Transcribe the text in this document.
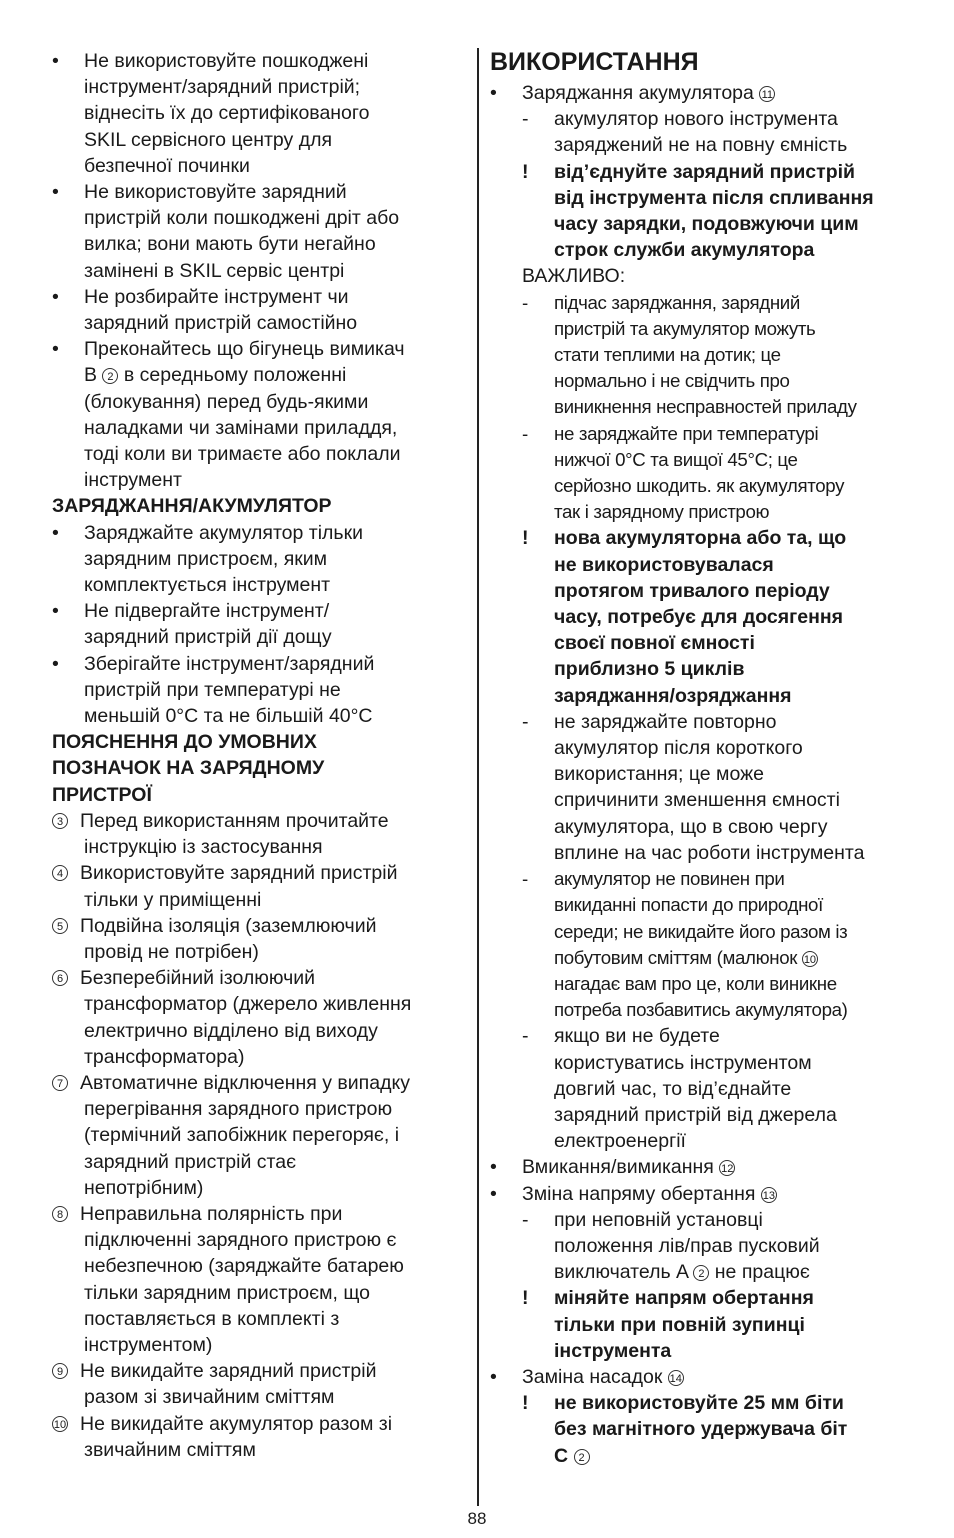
• Не використовуйте пошкоджені
інструмент/зарядний пристрій;
віднесіть їх до сертифікованого
SKIL сервісного центру для
безпечної починки
• Не використовуйте зарядний
пристрій коли пошкоджені дріт або
вилка; вони мають бути негайно
замінені в SKIL сервіс центрі
• Не розбирайте інструмент чи
зарядний пристрій самостійно
• Преконайтесь що бігунець вимикач
B 2 в середньому положенні
(блокування) перед будь-якими
наладками чи замінами приладдя,
тоді коли ви тримаєте або поклали
інструмент
ЗАРЯДЖАННЯ/АКУМУЛЯТОР
• Заряджайте акумулятор тільки
зарядним пристроєм, яким
комплектується інструмент
• Не підвергайте інструмент/
зарядний пристрій дії дощу
• Зберігайте інструмент/зарядний
пристрій при температурі не
меньшій 0°C та не більшій 40°C
ПОЯСНЕННЯ ДО УМОВНИХ
ПОЗНАЧОК НА ЗАРЯДНОМУ
ПРИСТРОЇ
3 Перед використанням прочитайте
інструкцію із застосування
4 Використовуйте зарядний пристрій
тільки у приміщенні
5 Подвійна ізоляція (заземлюючий
провід не потрібен)
6 Безперебійний ізолюючий
трансформатор (джерело живлення
електрично відділено від виходу
трансформатора)
7 Автоматичне відключення у випадку
перегрівання зарядного пристрою
(термічний запобіжник перегоряє, і
зарядний пристрій стає
непотрібним)
8 Неправильна полярність при
підключенні зарядного пристрою є
небезпечною (заряджайте батарею
тільки зарядним пристроєм, що
поставляється в комплекті з
інструментом)
9 Не викидайте зарядний пристрій
разом зі звичайним сміттям
10 Не викидайте акумулятор разом зі
звичайним сміттям
ВИКОРИСТАННЯ
• Заряджання акумулятора 11
- акумулятор нового інструмента
заряджений не на повну ємність
! від’єднуйте зарядний пристрій
від інструмента після спливання
часу зарядки, подовжуючи цим
строк служби акумулятора
ВАЖЛИВО:
- підчас заряджання, зарядний
пристрій та акумулятор можуть
стати теплими на дотик; це
нормально і не свідчить про
виникнення несправностей приладу
- не заряджайте при температурі
нижчої 0°C та вищої 45°C; це
серйозно шкодить. як акумулятору
так і зарядному пристрою
! нова акумуляторна або та, що
не використовувалася
протягом тривалого періоду
часу, потребує для досягення
своєї повної ємності
приблизно 5 циклів
заряджання/озряджання
- не заряджайте повторно
акумулятор після короткого
використання; це може
спричинити зменшення ємності
акумулятора, що в свою чергу
вплине на час роботи інструмента
- акумулятор не повинен при
викиданні попасти до природної
середи; не викидайте його разом із
побутовим сміттям (малюнок 10
нагадає вам про це, коли виникне
потреба позбавитись акумулятора)
- якщо ви не будете
користуватись інструментом
довгий час, то від’єднайте
зарядний пристрій від джерела
електроенергії
• Вмикання/вимикання 12
• Зміна напряму обертання 13
- при неповній установці
положення лів/прав пусковий
виключатель A 2 не працює
! міняйте напрям обертання
тільки при повній зупинці
інструмента
• Заміна насадок 14
! не використовуйте 25 мм біти
без магнітного удержувача біт
C 2
88
